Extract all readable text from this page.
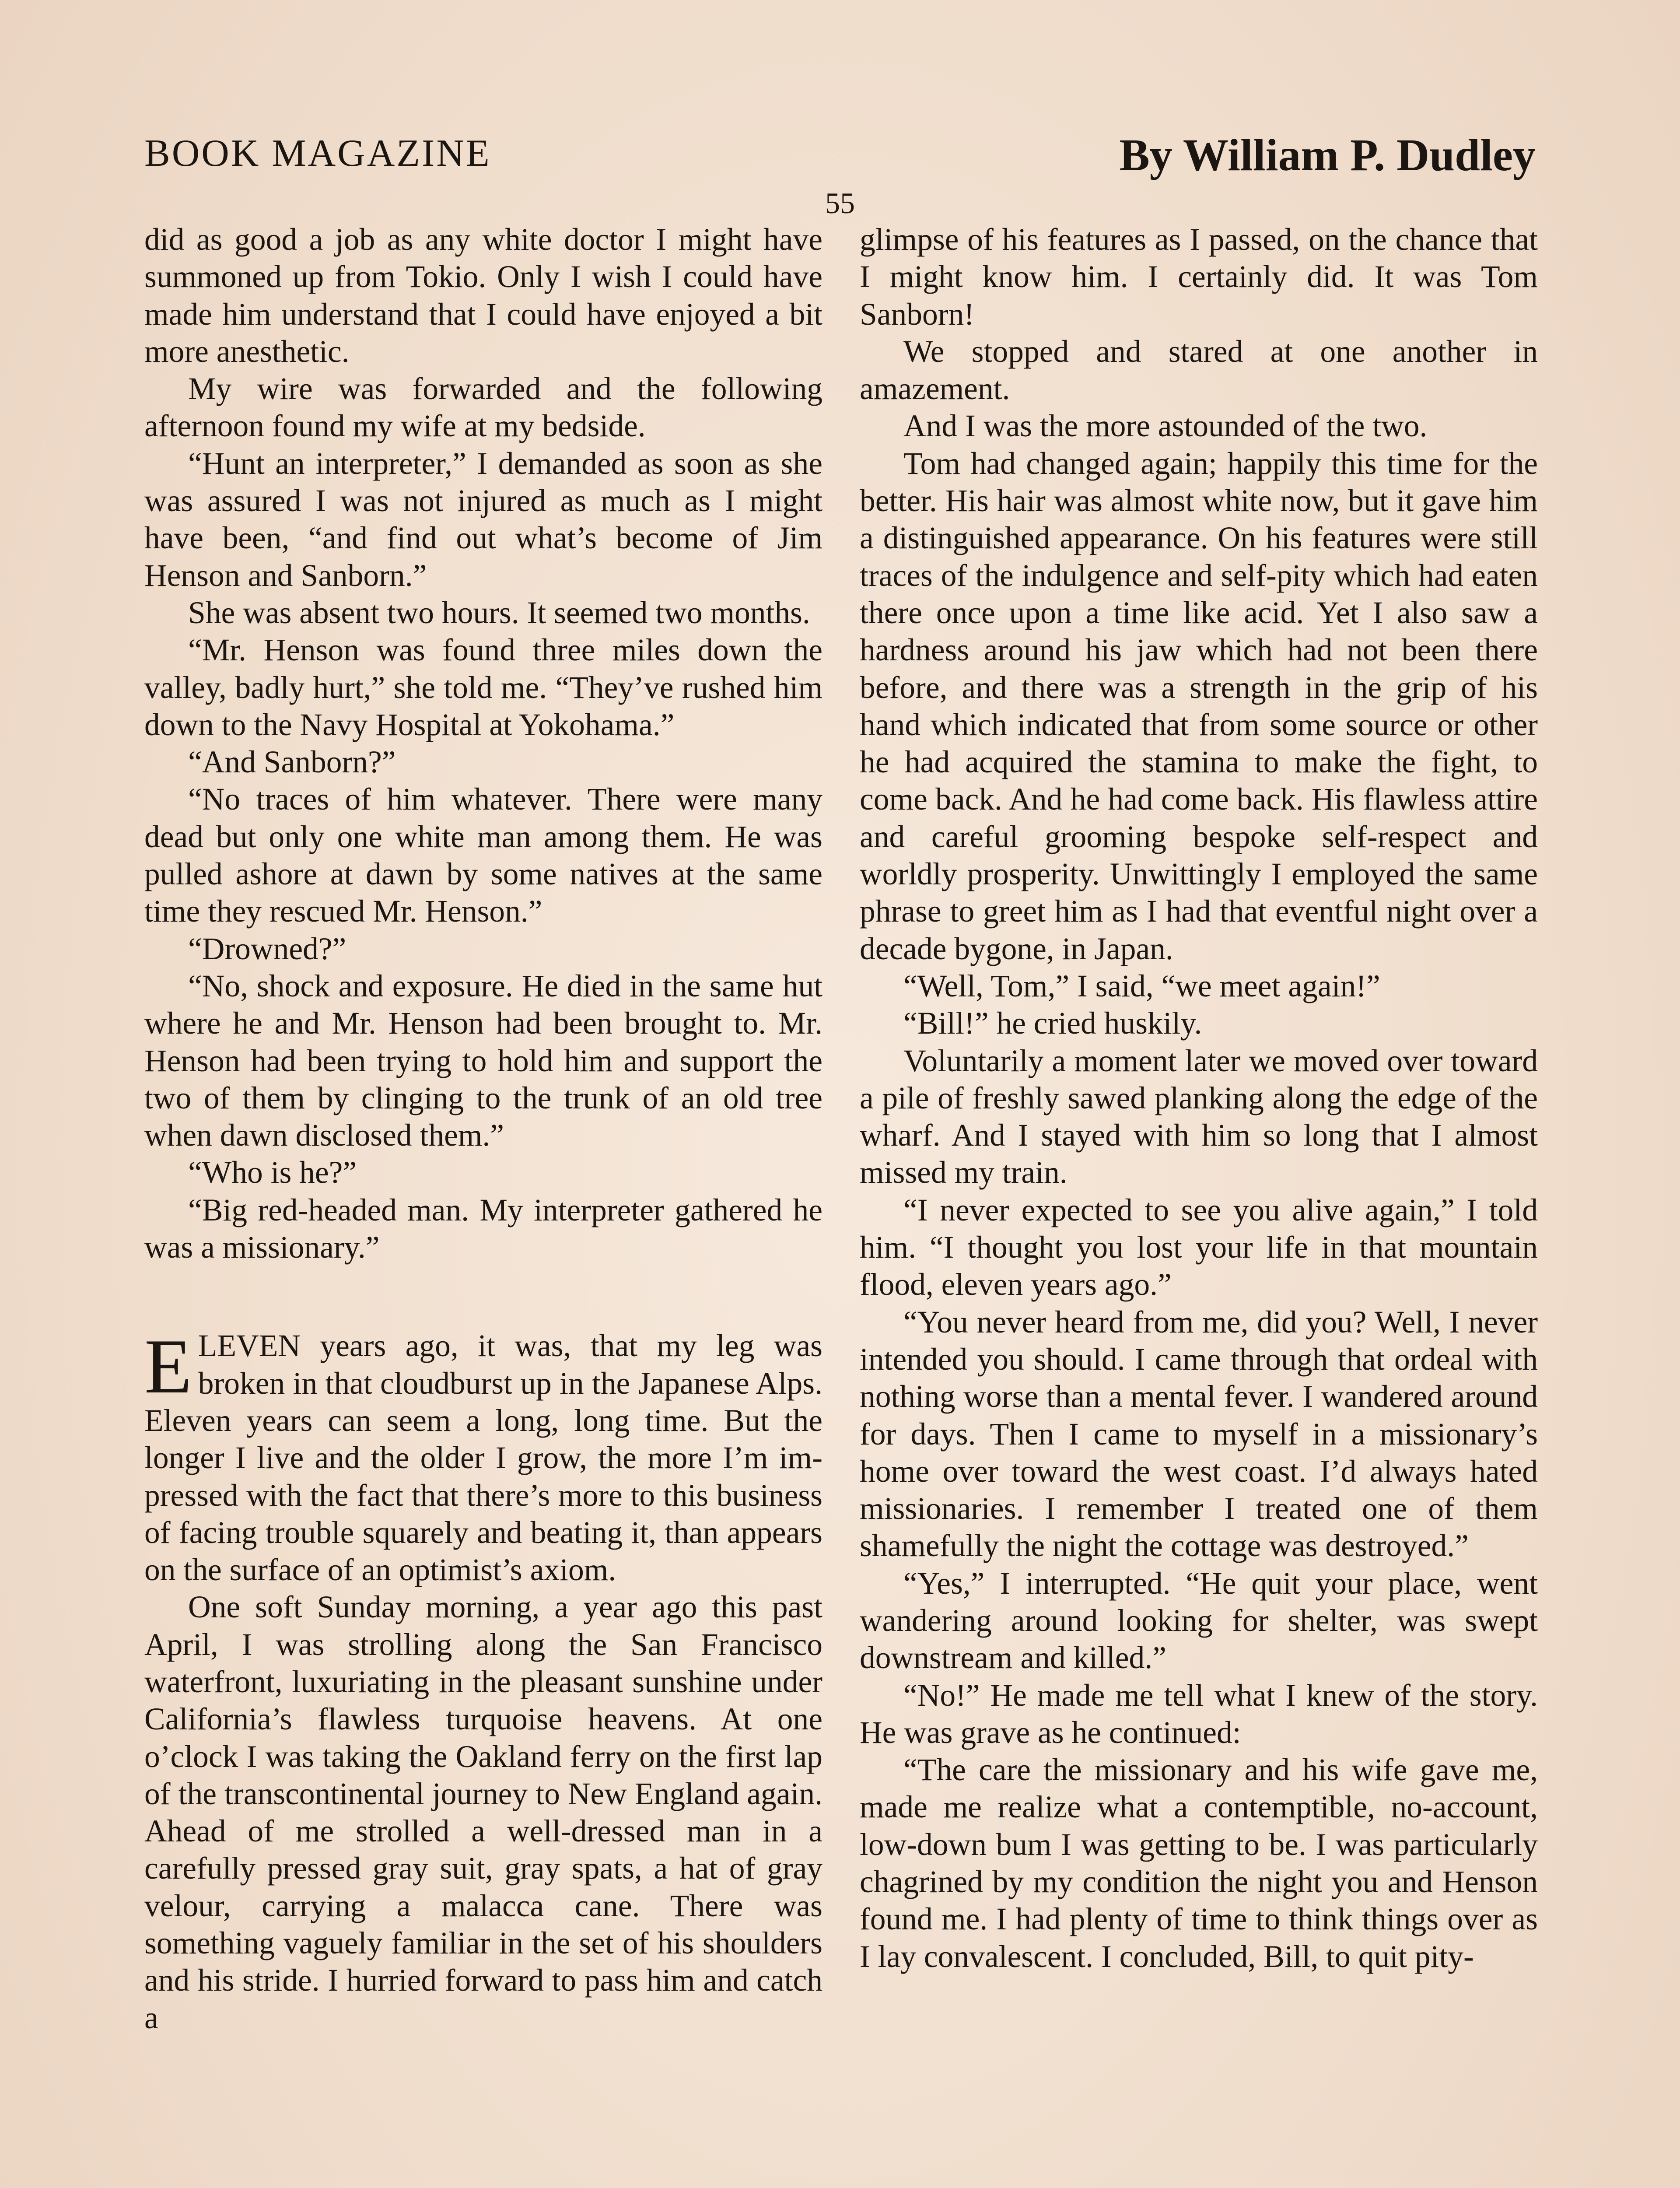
BOOK MAGAZINE	By William P. Dudley
55

did as good a job as any white doctor I might have summoned up from Tokio. Only I wish I could have made him understand that I could have enjoyed a bit more anesthetic.

My wire was forwarded and the following afternoon found my wife at my bedside.

“Hunt an interpreter,” I demanded as soon as she was assured I was not injured as much as I might have been, “and find out what’s become of Jim Henson and Sanborn.”

She was absent two hours. It seemed two months.

“Mr. Henson was found three miles down the valley, badly hurt,” she told me. “They’ve rushed him down to the Navy Hospital at Yokohama.”

“And Sanborn?”

“No traces of him whatever. There were many dead but only one white man among them. He was pulled ashore at dawn by some natives at the same time they rescued Mr. Henson.”

“Drowned?”

“No, shock and exposure. He died in the same hut where he and Mr. Henson had been brought to. Mr. Henson had been trying to hold him and support the two of them by clinging to the trunk of an old tree when dawn disclosed them.”

“Who is he?”

“Big red-headed man. My interpreter gathered he was a missionary.”

ELEVEN years ago, it was, that my leg was broken in that cloudburst up in the Japanese Alps. Eleven years can seem a long, long time. But the longer I live and the older I grow, the more I’m impressed with the fact that there’s more to this business of facing trouble squarely and beating it, than appears on the surface of an optimist’s axiom.

One soft Sunday morning, a year ago this past April, I was strolling along the San Francisco waterfront, luxuriating in the pleasant sunshine under California’s flawless turquoise heavens. At one o’clock I was taking the Oakland ferry on the first lap of the transcontinental journey to New England again. Ahead of me strolled a well-dressed man in a carefully pressed gray suit, gray spats, a hat of gray velour, carrying a malacca cane. There was something vaguely familiar in the set of his shoulders and his stride. I hurried forward to pass him and catch a

glimpse of his features as I passed, on the chance that I might know him. I certainly did. It was Tom Sanborn!

We stopped and stared at one another in amazement.

And I was the more astounded of the two.

Tom had changed again; happily this time for the better. His hair was almost white now, but it gave him a distinguished appearance. On his features were still traces of the indulgence and self-pity which had eaten there once upon a time like acid. Yet I also saw a hardness around his jaw which had not been there before, and there was a strength in the grip of his hand which indicated that from some source or other he had acquired the stamina to make the fight, to come back. And he had come back. His flawless attire and careful grooming bespoke self-respect and worldly prosperity. Unwittingly I employed the same phrase to greet him as I had that eventful night over a decade bygone, in Japan.

“Well, Tom,” I said, “we meet again!”

“Bill!” he cried huskily.

Voluntarily a moment later we moved over toward a pile of freshly sawed planking along the edge of the wharf. And I stayed with him so long that I almost missed my train.

“I never expected to see you alive again,” I told him. “I thought you lost your life in that mountain flood, eleven years ago.”

“You never heard from me, did you? Well, I never intended you should. I came through that ordeal with nothing worse than a mental fever. I wandered around for days. Then I came to myself in a missionary’s home over toward the west coast. I’d always hated missionaries. I remember I treated one of them shamefully the night the cottage was destroyed.”

“Yes,” I interrupted. “He quit your place, went wandering around looking for shelter, was swept downstream and killed.”

“No!” He made me tell what I knew of the story. He was grave as he continued:

“The care the missionary and his wife gave me, made me realize what a contemptible, no-account, low-down bum I was getting to be. I was particularly chagrined by my condition the night you and Henson found me. I had plenty of time to think things over as I lay convalescent. I concluded, Bill, to quit pity-
